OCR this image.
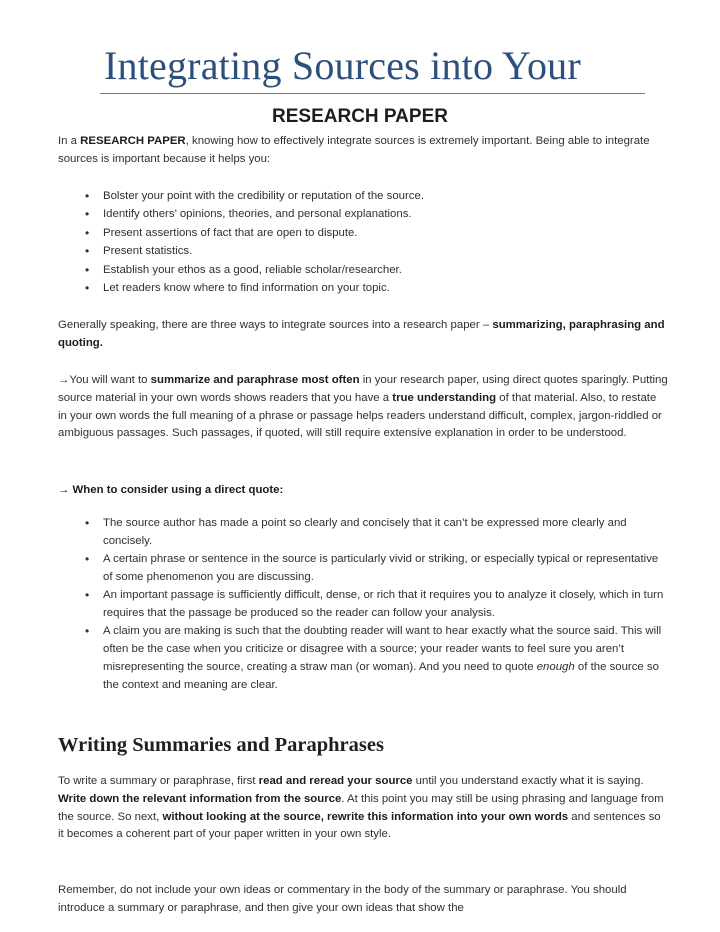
Integrating Sources into Your
RESEARCH PAPER

In a RESEARCH PAPER, knowing how to effectively integrate sources is extremely important. Being able to integrate sources is important because it helps you:

• Bolster your point with the credibility or reputation of the source.
• Identify others’ opinions, theories, and personal explanations.
• Present assertions of fact that are open to dispute.
• Present statistics.
• Establish your ethos as a good, reliable scholar/researcher.
• Let readers know where to find information on your topic.

Generally speaking, there are three ways to integrate sources into a research paper – summarizing, paraphrasing and quoting.

→You will want to summarize and paraphrase most often in your research paper, using direct quotes sparingly. Putting source material in your own words shows readers that you have a true understanding of that material. Also, to restate in your own words the full meaning of a phrase or passage helps readers understand difficult, complex, jargon-riddled or ambiguous passages. Such passages, if quoted, will still require extensive explanation in order to be understood.

→ When to consider using a direct quote:

• The source author has made a point so clearly and concisely that it can’t be expressed more clearly and concisely.
• A certain phrase or sentence in the source is particularly vivid or striking, or especially typical or representative of some phenomenon you are discussing.
• An important passage is sufficiently difficult, dense, or rich that it requires you to analyze it closely, which in turn requires that the passage be produced so the reader can follow your analysis.
• A claim you are making is such that the doubting reader will want to hear exactly what the source said. This will often be the case when you criticize or disagree with a source; your reader wants to feel sure you aren’t misrepresenting the source, creating a straw man (or woman). And you need to quote enough of the source so the context and meaning are clear.
Writing Summaries and Paraphrases

To write a summary or paraphrase, first read and reread your source until you understand exactly what it is saying. Write down the relevant information from the source. At this point you may still be using phrasing and language from the source. So next, without looking at the source, rewrite this information into your own words and sentences so it becomes a coherent part of your paper written in your own style.

Remember, do not include your own ideas or commentary in the body of the summary or paraphrase. You should introduce a summary or paraphrase, and then give your own ideas that show the
